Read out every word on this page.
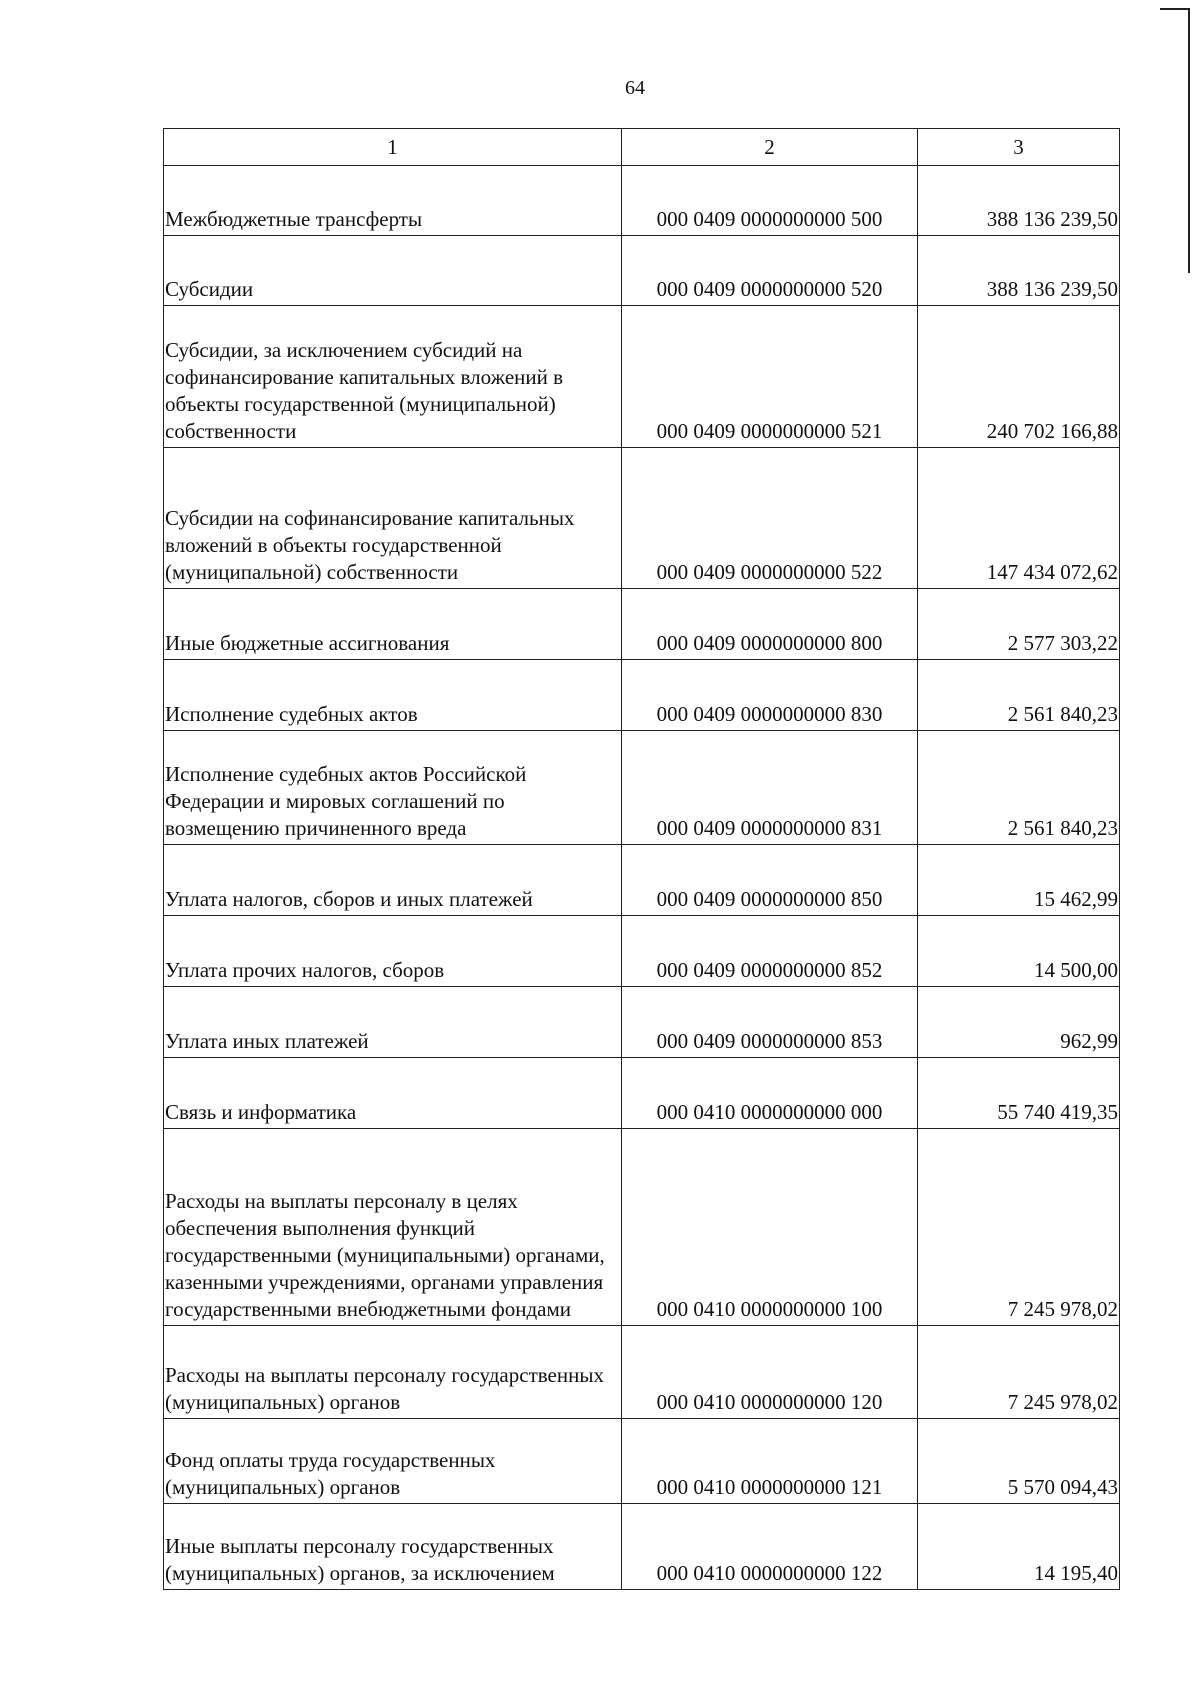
64
1	2	3
Межбюджетные трансферты	000 0409 0000000000 500	388 136 239,50
Субсидии	000 0409 0000000000 520	388 136 239,50
Субсидии, за исключением субсидий на софинансирование капитальных вложений в объекты государственной (муниципальной) собственности	000 0409 0000000000 521	240 702 166,88
Субсидии на софинансирование капитальных вложений в объекты государственной (муниципальной) собственности	000 0409 0000000000 522	147 434 072,62
Иные бюджетные ассигнования	000 0409 0000000000 800	2 577 303,22
Исполнение судебных актов	000 0409 0000000000 830	2 561 840,23
Исполнение судебных актов Российской Федерации и мировых соглашений по возмещению причиненного вреда	000 0409 0000000000 831	2 561 840,23
Уплата налогов, сборов и иных платежей	000 0409 0000000000 850	15 462,99
Уплата прочих налогов, сборов	000 0409 0000000000 852	14 500,00
Уплата иных платежей	000 0409 0000000000 853	962,99
Связь и информатика	000 0410 0000000000 000	55 740 419,35
Расходы на выплаты персоналу в целях обеспечения выполнения функций государственными (муниципальными) органами, казенными учреждениями, органами управления государственными внебюджетными фондами	000 0410 0000000000 100	7 245 978,02
Расходы на выплаты персоналу государственных (муниципальных) органов	000 0410 0000000000 120	7 245 978,02
Фонд оплаты труда государственных (муниципальных) органов	000 0410 0000000000 121	5 570 094,43
Иные выплаты персоналу государственных (муниципальных) органов, за исключением	000 0410 0000000000 122	14 195,40
